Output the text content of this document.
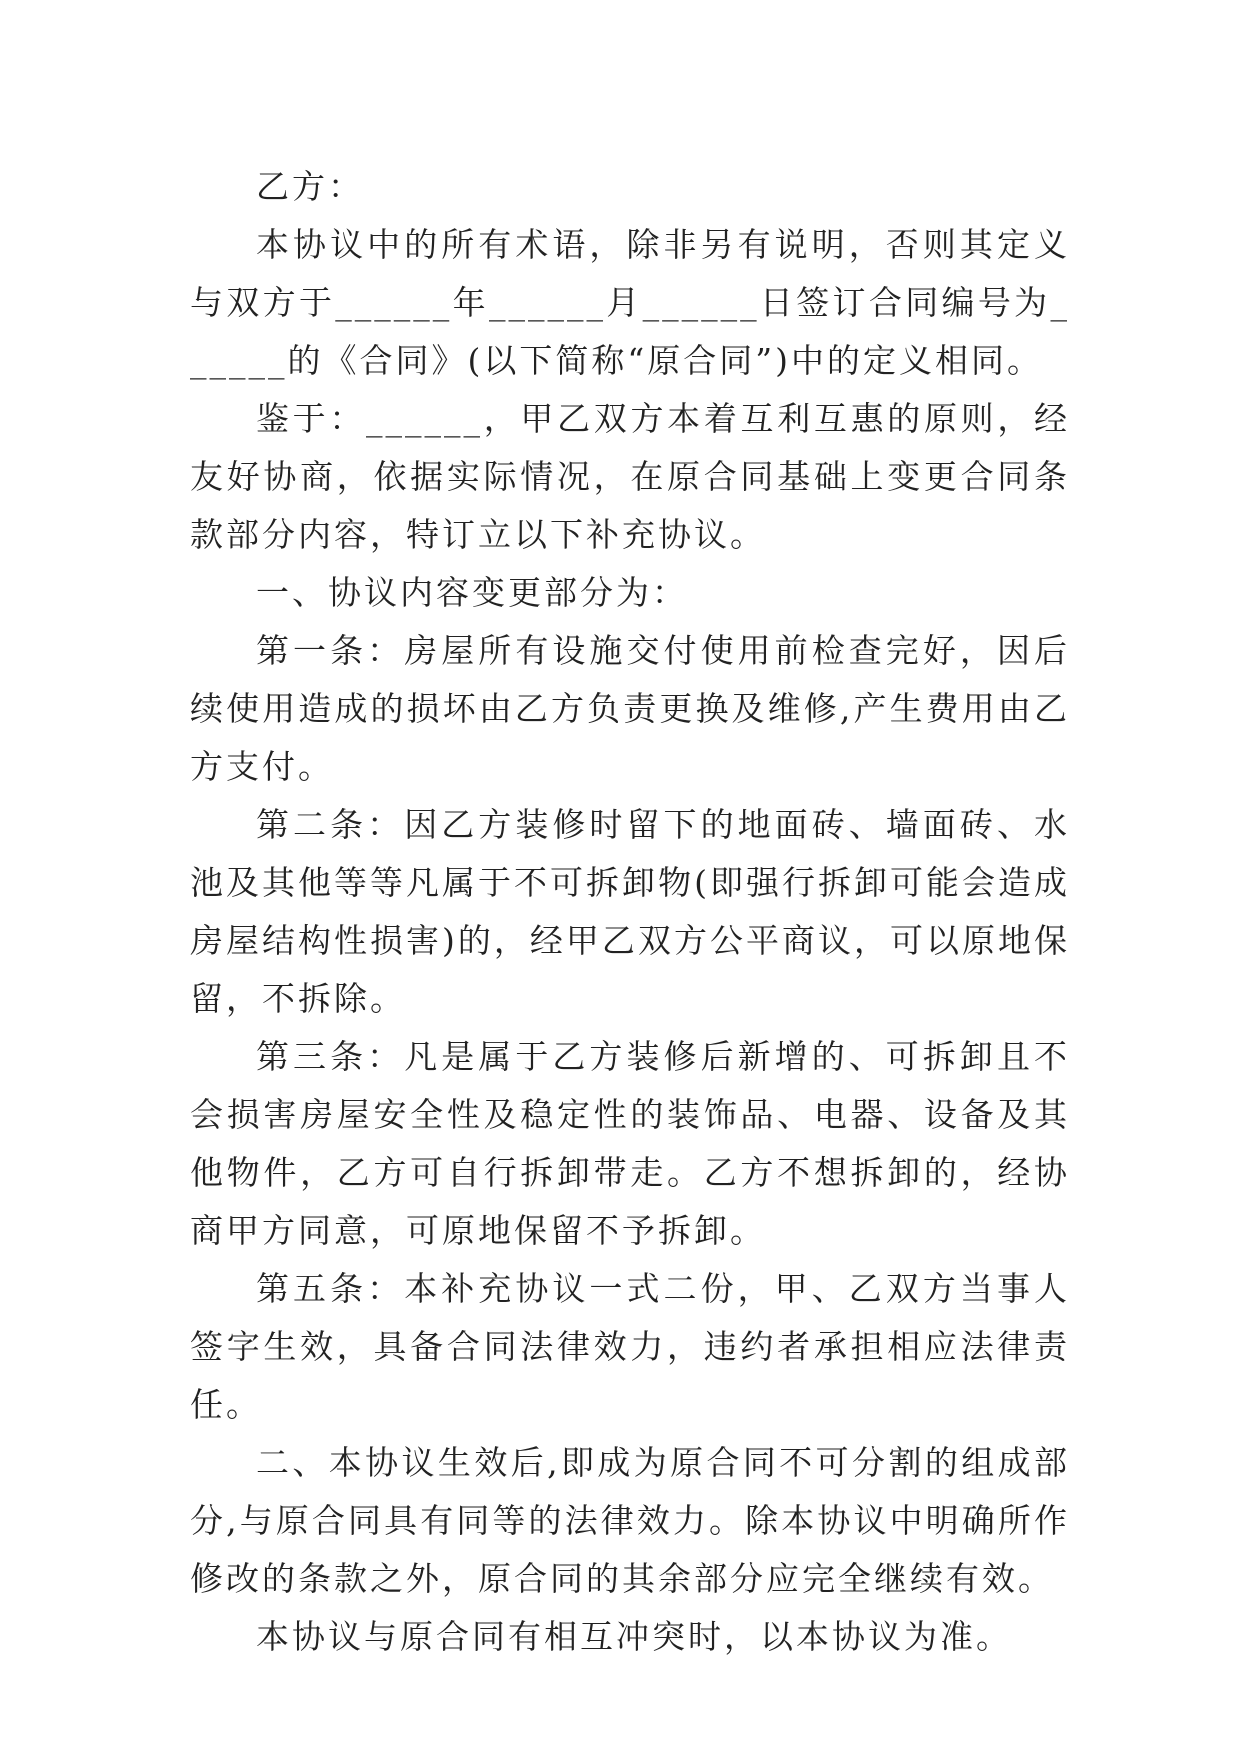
乙方：

本协议中的所有术语，除非另有说明，否则其定义与双方于______年______月______日签订合同编号为______的《合同》(以下简称“原合同”)中的定义相同。

鉴于：______，甲乙双方本着互利互惠的原则，经友好协商，依据实际情况，在原合同基础上变更合同条款部分内容，特订立以下补充协议。

一、协议内容变更部分为：

第一条：房屋所有设施交付使用前检查完好，因后续使用造成的损坏由乙方负责更换及维修,产生费用由乙方支付。

第二条：因乙方装修时留下的地面砖、墙面砖、水池及其他等等凡属于不可拆卸物(即强行拆卸可能会造成房屋结构性损害)的，经甲乙双方公平商议，可以原地保留，不拆除。

第三条：凡是属于乙方装修后新增的、可拆卸且不会损害房屋安全性及稳定性的装饰品、电器、设备及其他物件，乙方可自行拆卸带走。乙方不想拆卸的，经协商甲方同意，可原地保留不予拆卸。

第五条：本补充协议一式二份，甲、乙双方当事人签字生效，具备合同法律效力，违约者承担相应法律责任。

二、本协议生效后,即成为原合同不可分割的组成部分,与原合同具有同等的法律效力。除本协议中明确所作修改的条款之外，原合同的其余部分应完全继续有效。

本协议与原合同有相互冲突时，以本协议为准。
